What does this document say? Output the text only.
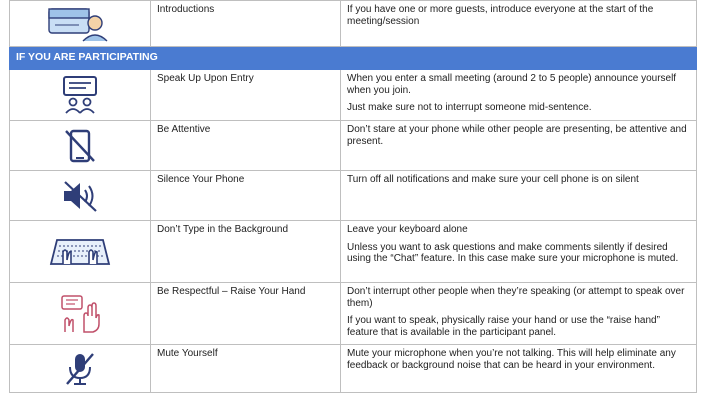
	Introductions	If you have one or more guests, introduce everyone at the start of the meeting/session

IF YOU ARE PARTICIPATING		

	Speak Up Upon Entry	When you enter a small meeting (around 2 to 5 people) announce yourself when you join.

Just make sure not to interrupt someone mid-sentence.

	Be Attentive	Don’t stare at your phone while other people are presenting, be attentive and present.

	Silence Your Phone	Turn off all notifications and make sure your cell phone is on silent

	Don’t Type in the Background	Leave your keyboard alone

Unless you want to ask questions and make comments silently if desired using the “Chat” feature. In this case make sure your microphone is muted.

	Be Respectful – Raise Your Hand	Don’t interrupt other people when they’re speaking (or attempt to speak over them)

If you want to speak, physically raise your hand or use the “raise hand” feature that is available in the participant panel.

	Mute Yourself	Mute your microphone when you’re not talking. This will help eliminate any feedback or background noise that can be heard in your environment.
